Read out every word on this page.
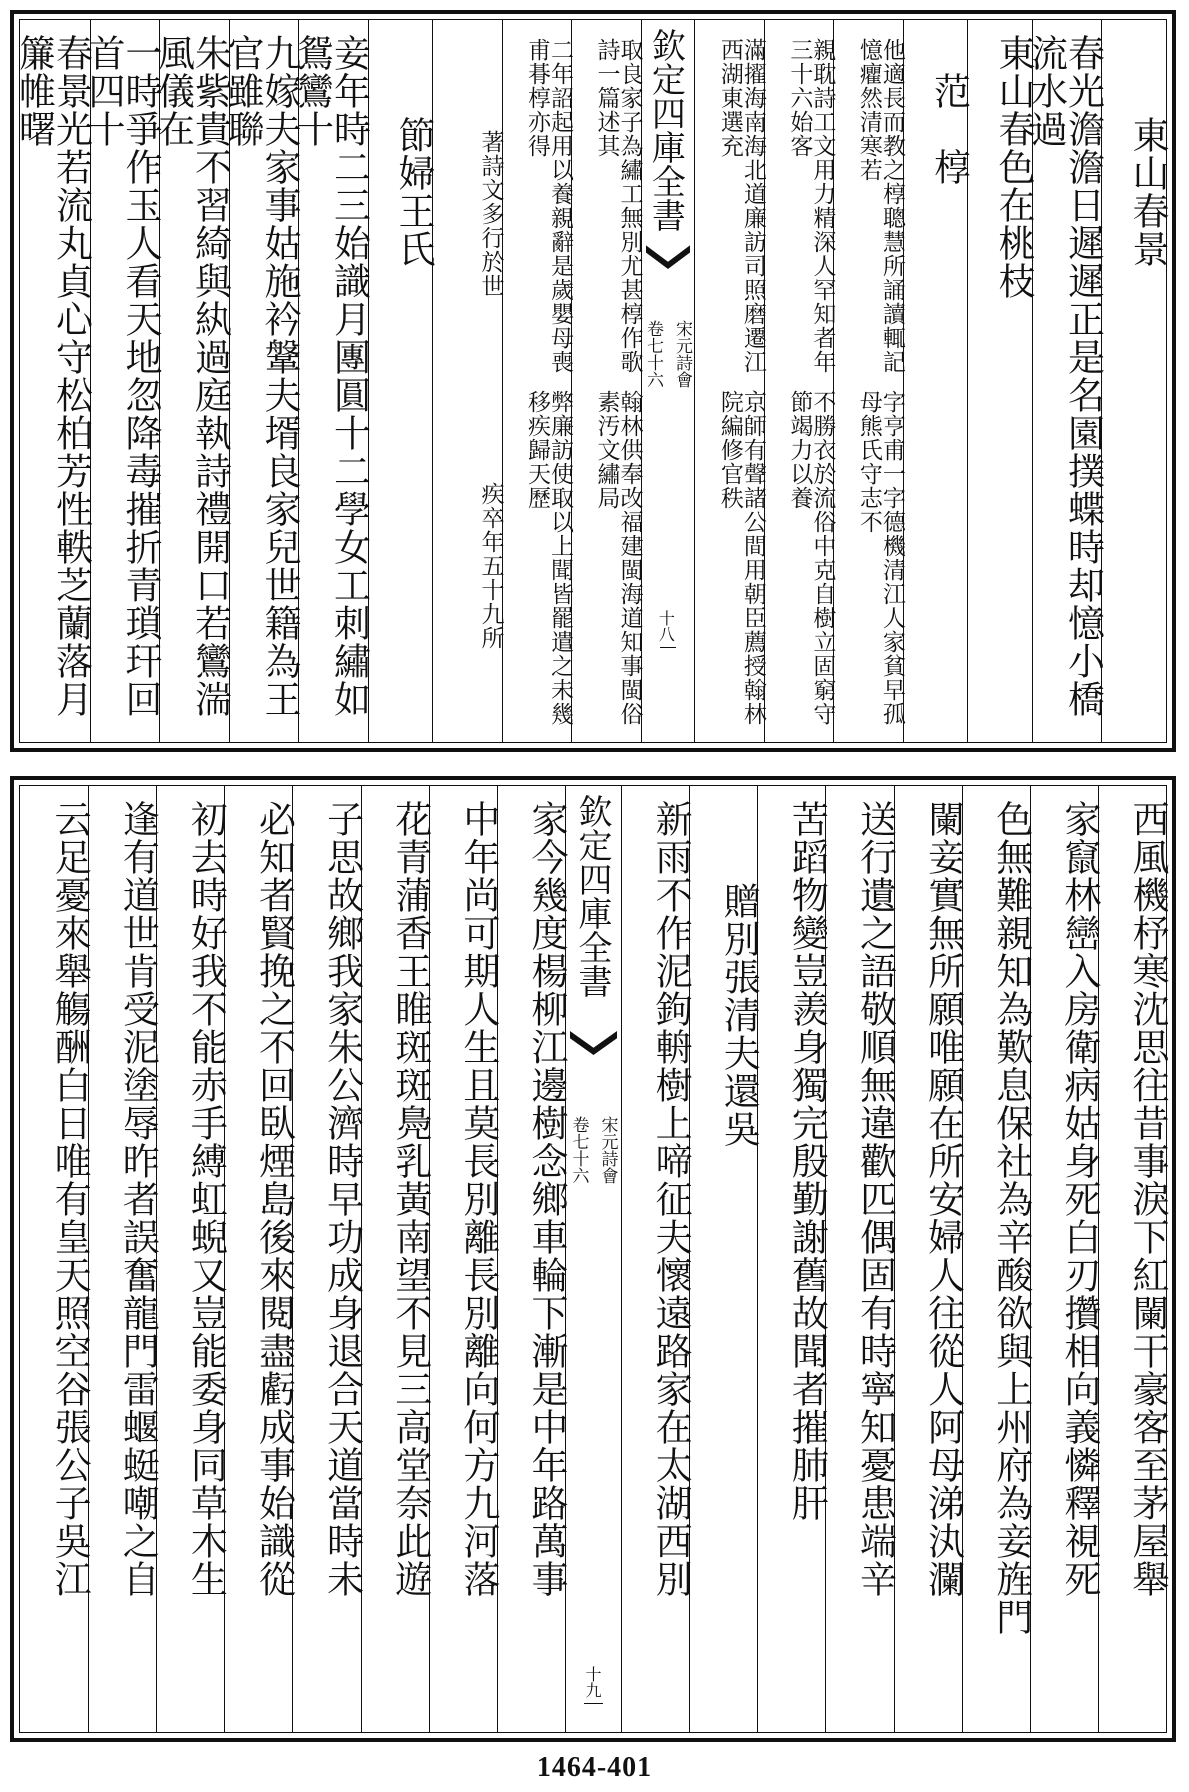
東山春景
春光澹澹日遲遲正是名園撲蝶時却憶小橋流水過
東山春色在桃枝
范　椁
字亨甫一字德機清江人家貧早孤母熊氏守志不
他適長而教之椁聰慧所誦讀輒記憶癯然清寒若
不勝衣於流俗中克自樹立固窮守節竭力以養
親耽詩工文用力精深人罕知者年三十六始客
京師有聲諸公間用朝臣薦授翰林院編修官秩
滿擢海南海北道廉訪司照磨遷江西湖東選充
欽定四庫全書
宋元詩會
卷七十六
十八
翰林供奉改福建閩海道知事閩俗素汚文繡局
取良家子為繡工無別尤甚椁作歌詩一篇述其
弊廉訪使取以上聞皆罷遣之未幾移疾歸天歷
二年詔起用以養親辭是歲嬰母喪甫朞椁亦得
疾卒年五十九所
著詩文多行於世
節婦王氏
妾年時二三始識月團圓十二學女工刺繡如鴛鸞十
九嫁夫家事姑施衿鞶夫壻良家兒世籍為王官雖聯
朱紫貴不習綺與紈過庭執詩禮開口若鸞湍風儀在
一時爭作玉人看天地忽降毒摧折青瑣玕回首四十
春景光若流丸貞心守松柏芳性軼芝蘭落月簾帷曙
西風機杼寒沈思往昔事淚下紅闌干豪客至茅屋舉
家竄林巒入房衛病姑身死白刃攢相向義憐釋視死
色無難親知為歎息保社為辛酸欲與上州府為妾旌門
闌妾實無所願唯願在所安婦人往從人阿母涕汍瀾
送行遺之語敬順無違歡匹偶固有時寧知憂患端辛
苦蹈物變豈羨身獨完殷勤謝舊故聞者摧肺肝
贈別張清夫還吳
新雨不作泥鉤輈樹上啼征夫懷遠路家在太湖西別
欽定四庫全書
宋元詩會
卷七十六
十九
家今幾度楊柳江邊樹念鄉車輪下漸是中年路萬事
中年尚可期人生且莫長別離長別離向何方九河落
花青蒲香王睢斑斑鳧乳黃南望不見三高堂奈此遊
子思故鄉我家朱公濟時早功成身退合天道當時未
必知者賢挽之不回臥煙島後來閱盡虧成事始識從
初去時好我不能赤手縛虹蜺又豈能委身同草木生
逢有道世肯受泥塗辱昨者誤奮龍門雷蝘蜓嘲之自
云足憂來舉觴酬白日唯有皇天照空谷張公子吳江
1464-401
